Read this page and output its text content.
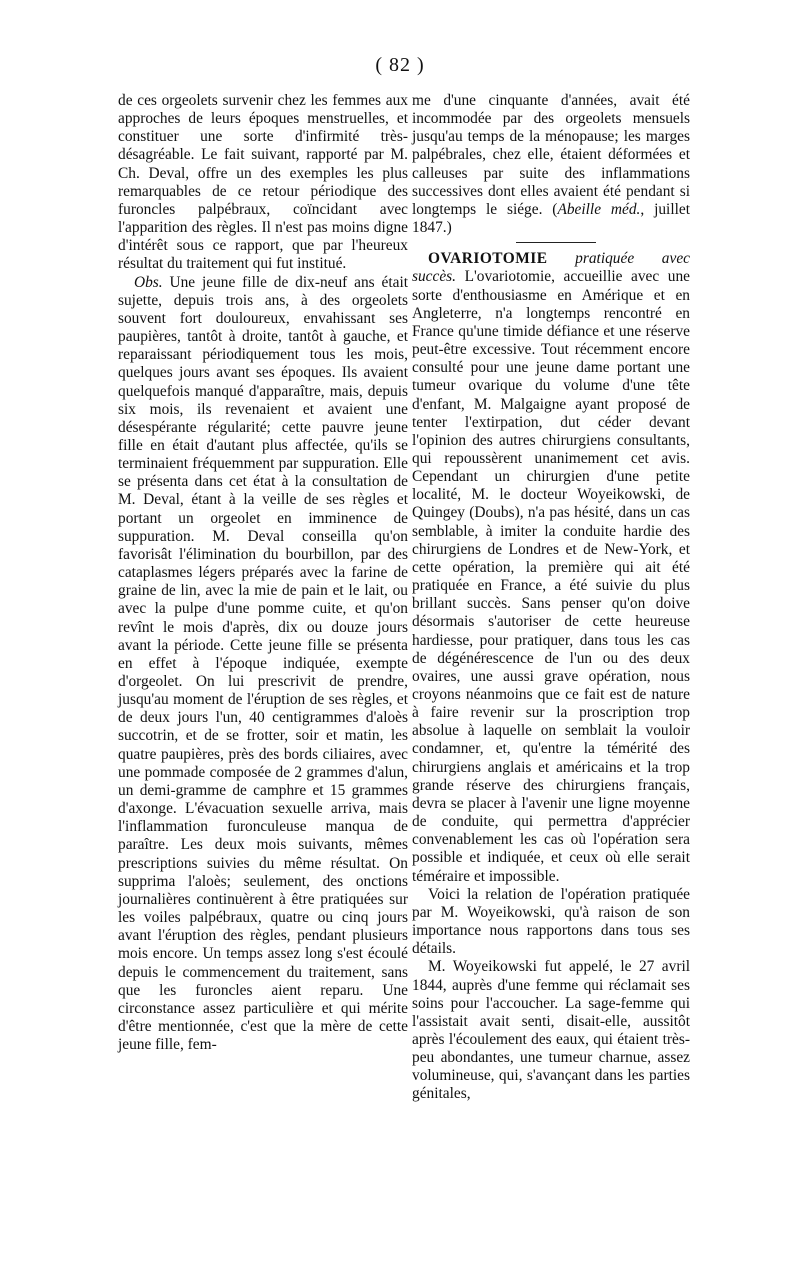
( 82 )

de ces orgeolets survenir chez les femmes aux approches de leurs époques menstruelles, et constituer une sorte d'infirmité très-désagréable. Le fait suivant, rapporté par M. Ch. Deval, offre un des exemples les plus remarquables de ce retour périodique des furoncles palpébraux, coïncidant avec l'apparition des règles. Il n'est pas moins digne d'intérêt sous ce rapport, que par l'heureux résultat du traitement qui fut institué.

Obs. Une jeune fille de dix-neuf ans était sujette, depuis trois ans, à des orgeolets souvent fort douloureux, envahissant ses paupières, tantôt à droite, tantôt à gauche, et reparaissant périodiquement tous les mois, quelques jours avant ses époques. Ils avaient quelquefois manqué d'apparaître, mais, depuis six mois, ils revenaient et avaient une désespérante régularité; cette pauvre jeune fille en était d'autant plus affectée, qu'ils se terminaient fréquemment par suppuration. Elle se présenta dans cet état à la consultation de M. Deval, étant à la veille de ses règles et portant un orgeolet en imminence de suppuration. M. Deval conseilla qu'on favorisât l'élimination du bourbillon, par des cataplasmes légers préparés avec la farine de graine de lin, avec la mie de pain et le lait, ou avec la pulpe d'une pomme cuite, et qu'on revînt le mois d'après, dix ou douze jours avant la période. Cette jeune fille se présenta en effet à l'époque indiquée, exempte d'orgeolet. On lui prescrivit de prendre, jusqu'au moment de l'éruption de ses règles, et de deux jours l'un, 40 centigrammes d'aloès succotrin, et de se frotter, soir et matin, les quatre paupières, près des bords ciliaires, avec une pommade composée de 2 grammes d'alun, un demi-gramme de camphre et 15 grammes d'axonge. L'évacuation sexuelle arriva, mais l'inflammation furonculeuse manqua de paraître. Les deux mois suivants, mêmes prescriptions suivies du même résultat. On supprima l'aloès; seulement, des onctions journalières continuèrent à être pratiquées sur les voiles palpébraux, quatre ou cinq jours avant l'éruption des règles, pendant plusieurs mois encore. Un temps assez long s'est écoulé depuis le commencement du traitement, sans que les furoncles aient reparu. Une circonstance assez particulière et qui mérite d'être mentionnée, c'est que la mère de cette jeune fille, fem-

me d'une cinquante d'années, avait été incommodée par des orgeolets mensuels jusqu'au temps de la ménopause; les marges palpébrales, chez elle, étaient déformées et calleuses par suite des inflammations successives dont elles avaient été pendant si longtemps le siége. (Abeille méd., juillet 1847.)

OVARIOTOMIE pratiquée avec succès. L'ovariotomie, accueillie avec une sorte d'enthousiasme en Amérique et en Angleterre, n'a longtemps rencontré en France qu'une timide défiance et une réserve peut-être excessive. Tout récemment encore consulté pour une jeune dame portant une tumeur ovarique du volume d'une tête d'enfant, M. Malgaigne ayant proposé de tenter l'extirpation, dut céder devant l'opinion des autres chirurgiens consultants, qui repoussèrent unanimement cet avis. Cependant un chirurgien d'une petite localité, M. le docteur Woyeikowski, de Quingey (Doubs), n'a pas hésité, dans un cas semblable, à imiter la conduite hardie des chirurgiens de Londres et de New-York, et cette opération, la première qui ait été pratiquée en France, a été suivie du plus brillant succès. Sans penser qu'on doive désormais s'autoriser de cette heureuse hardiesse, pour pratiquer, dans tous les cas de dégénérescence de l'un ou des deux ovaires, une aussi grave opération, nous croyons néanmoins que ce fait est de nature à faire revenir sur la proscription trop absolue à laquelle on semblait la vouloir condamner, et, qu'entre la témérité des chirurgiens anglais et américains et la trop grande réserve des chirurgiens français, devra se placer à l'avenir une ligne moyenne de conduite, qui permettra d'apprécier convenablement les cas où l'opération sera possible et indiquée, et ceux où elle serait téméraire et impossible.

Voici la relation de l'opération pratiquée par M. Woyeikowski, qu'à raison de son importance nous rapportons dans tous ses détails.

M. Woyeikowski fut appelé, le 27 avril 1844, auprès d'une femme qui réclamait ses soins pour l'accoucher. La sage-femme qui l'assistait avait senti, disait-elle, aussitôt après l'écoulement des eaux, qui étaient très-peu abondantes, une tumeur charnue, assez volumineuse, qui, s'avançant dans les parties génitales,
